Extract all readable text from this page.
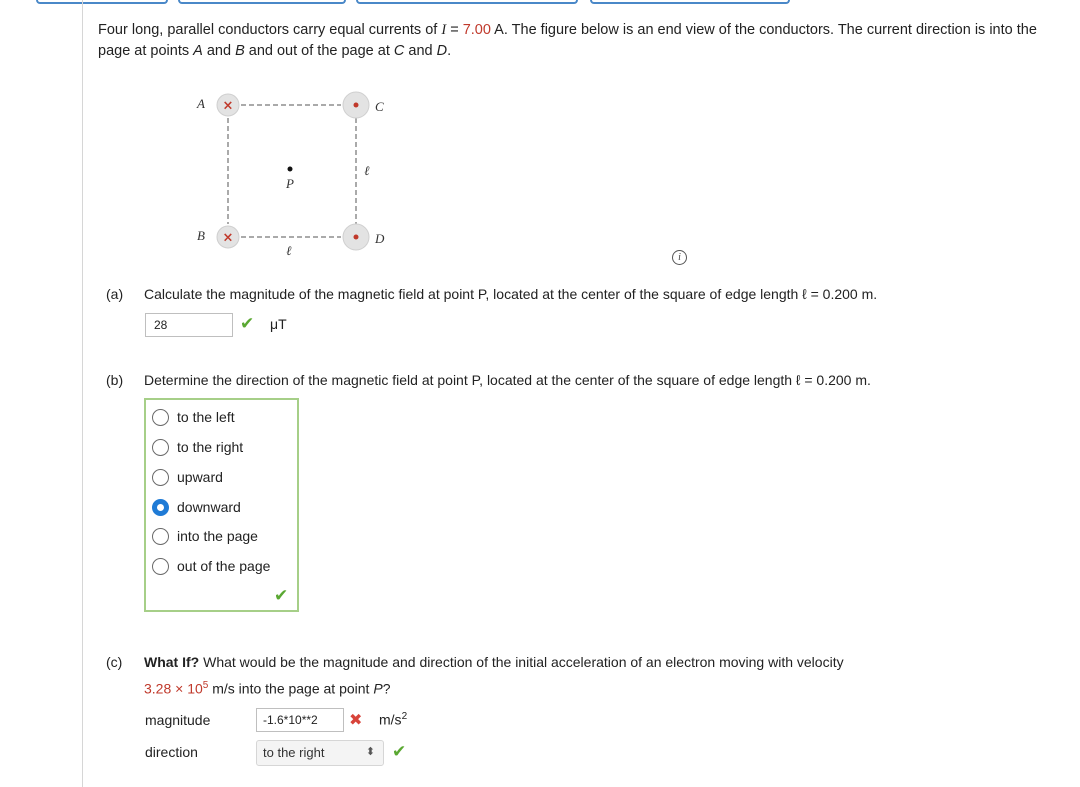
Four long, parallel conductors carry equal currents of I = 7.00 A. The figure below is an end view of the conductors. The current direction is into the page at points A and B and out of the page at C and D.
×
×
A
B
C
D
P
ℓ
ℓ	i
(a) Calculate the magnitude of the magnetic field at point P, located at the center of the square of edge length ℓ = 0.200 m.
28	✔ μT
(b) Determine the direction of the magnetic field at point P, located at the center of the square of edge length ℓ = 0.200 m.
to the left
to the right
upward
downward
into the page
out of the page
✔
(c) What If? What would be the magnitude and direction of the initial acceleration of an electron moving with velocity
$3.28 \times 10^5$ m/s into the page at point P?
magnitude	-1.6*10**2	✖ $m/s^2$
direction	to the right	⬍ ✔
